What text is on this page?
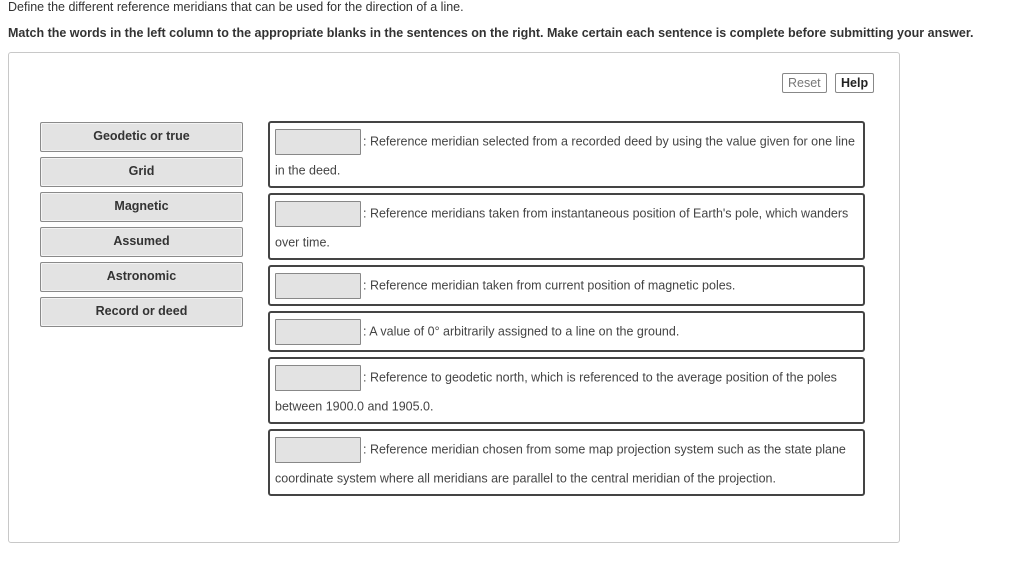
Define the different reference meridians that can be used for the direction of a line.
Match the words in the left column to the appropriate blanks in the sentences on the right. Make certain each sentence is complete before submitting your answer.
Reset	Help
Geodetic or true
Grid
Magnetic
Assumed
Astronomic
Record or deed
: Reference meridian selected from a recorded deed by using the value given for one line in the deed.
: Reference meridians taken from instantaneous position of Earth's pole, which wanders over time.
: Reference meridian taken from current position of magnetic poles.
: A value of 0° arbitrarily assigned to a line on the ground.
: Reference to geodetic north, which is referenced to the average position of the poles between 1900.0 and 1905.0.
: Reference meridian chosen from some map projection system such as the state plane coordinate system where all meridians are parallel to the central meridian of the projection.
